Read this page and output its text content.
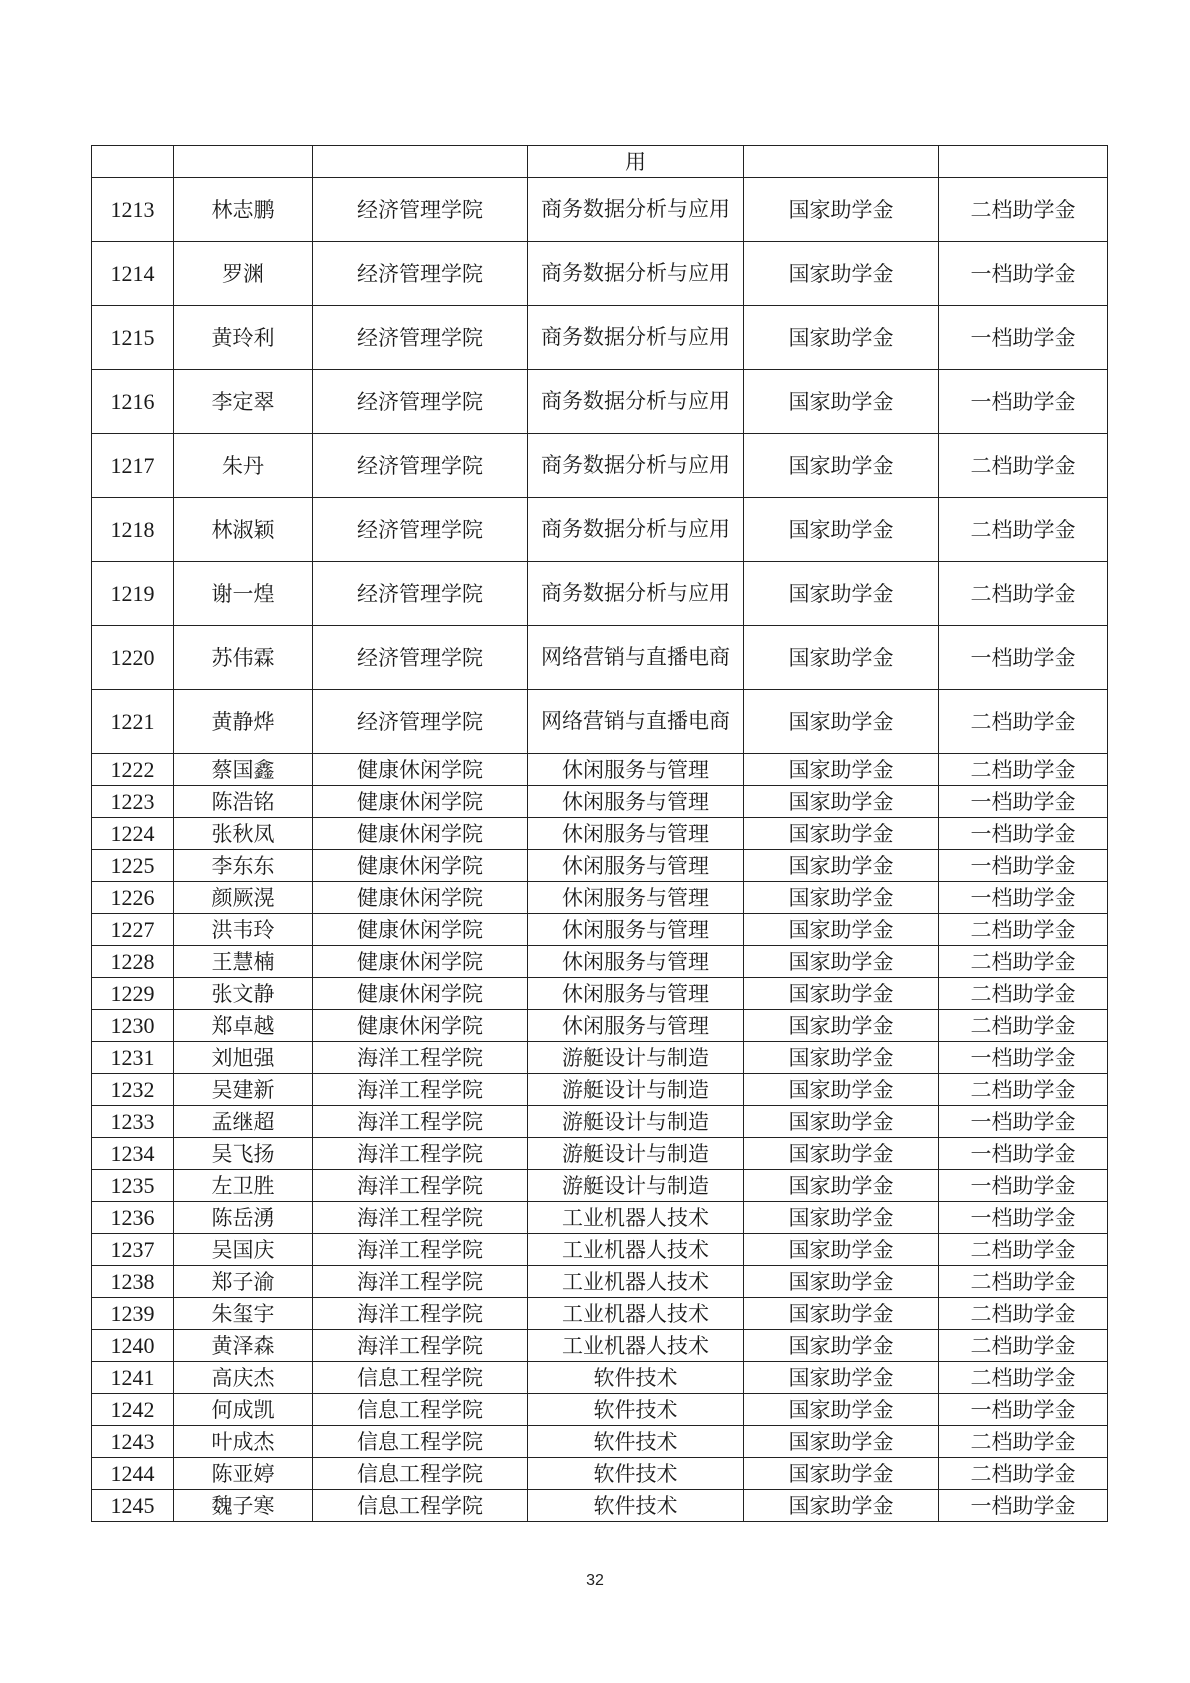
			用		
1213	林志鹏	经济管理学院	商务数据分析与应用	国家助学金	二档助学金
1214	罗渊	经济管理学院	商务数据分析与应用	国家助学金	一档助学金
1215	黄玲利	经济管理学院	商务数据分析与应用	国家助学金	一档助学金
1216	李定翠	经济管理学院	商务数据分析与应用	国家助学金	一档助学金
1217	朱丹	经济管理学院	商务数据分析与应用	国家助学金	二档助学金
1218	林淑颖	经济管理学院	商务数据分析与应用	国家助学金	二档助学金
1219	谢一煌	经济管理学院	商务数据分析与应用	国家助学金	二档助学金
1220	苏伟霖	经济管理学院	网络营销与直播电商	国家助学金	一档助学金
1221	黄静烨	经济管理学院	网络营销与直播电商	国家助学金	二档助学金
1222	蔡国鑫	健康休闲学院	休闲服务与管理	国家助学金	二档助学金
1223	陈浩铭	健康休闲学院	休闲服务与管理	国家助学金	一档助学金
1224	张秋凤	健康休闲学院	休闲服务与管理	国家助学金	一档助学金
1225	李东东	健康休闲学院	休闲服务与管理	国家助学金	一档助学金
1226	颜厥滉	健康休闲学院	休闲服务与管理	国家助学金	一档助学金
1227	洪韦玲	健康休闲学院	休闲服务与管理	国家助学金	二档助学金
1228	王慧楠	健康休闲学院	休闲服务与管理	国家助学金	二档助学金
1229	张文静	健康休闲学院	休闲服务与管理	国家助学金	二档助学金
1230	郑卓越	健康休闲学院	休闲服务与管理	国家助学金	二档助学金
1231	刘旭强	海洋工程学院	游艇设计与制造	国家助学金	一档助学金
1232	吴建新	海洋工程学院	游艇设计与制造	国家助学金	二档助学金
1233	孟继超	海洋工程学院	游艇设计与制造	国家助学金	一档助学金
1234	吴飞扬	海洋工程学院	游艇设计与制造	国家助学金	一档助学金
1235	左卫胜	海洋工程学院	游艇设计与制造	国家助学金	一档助学金
1236	陈岳湧	海洋工程学院	工业机器人技术	国家助学金	一档助学金
1237	吴国庆	海洋工程学院	工业机器人技术	国家助学金	二档助学金
1238	郑子渝	海洋工程学院	工业机器人技术	国家助学金	二档助学金
1239	朱玺宇	海洋工程学院	工业机器人技术	国家助学金	二档助学金
1240	黄泽森	海洋工程学院	工业机器人技术	国家助学金	二档助学金
1241	高庆杰	信息工程学院	软件技术	国家助学金	二档助学金
1242	何成凯	信息工程学院	软件技术	国家助学金	一档助学金
1243	叶成杰	信息工程学院	软件技术	国家助学金	二档助学金
1244	陈亚婷	信息工程学院	软件技术	国家助学金	二档助学金
1245	魏子寒	信息工程学院	软件技术	国家助学金	一档助学金
32
